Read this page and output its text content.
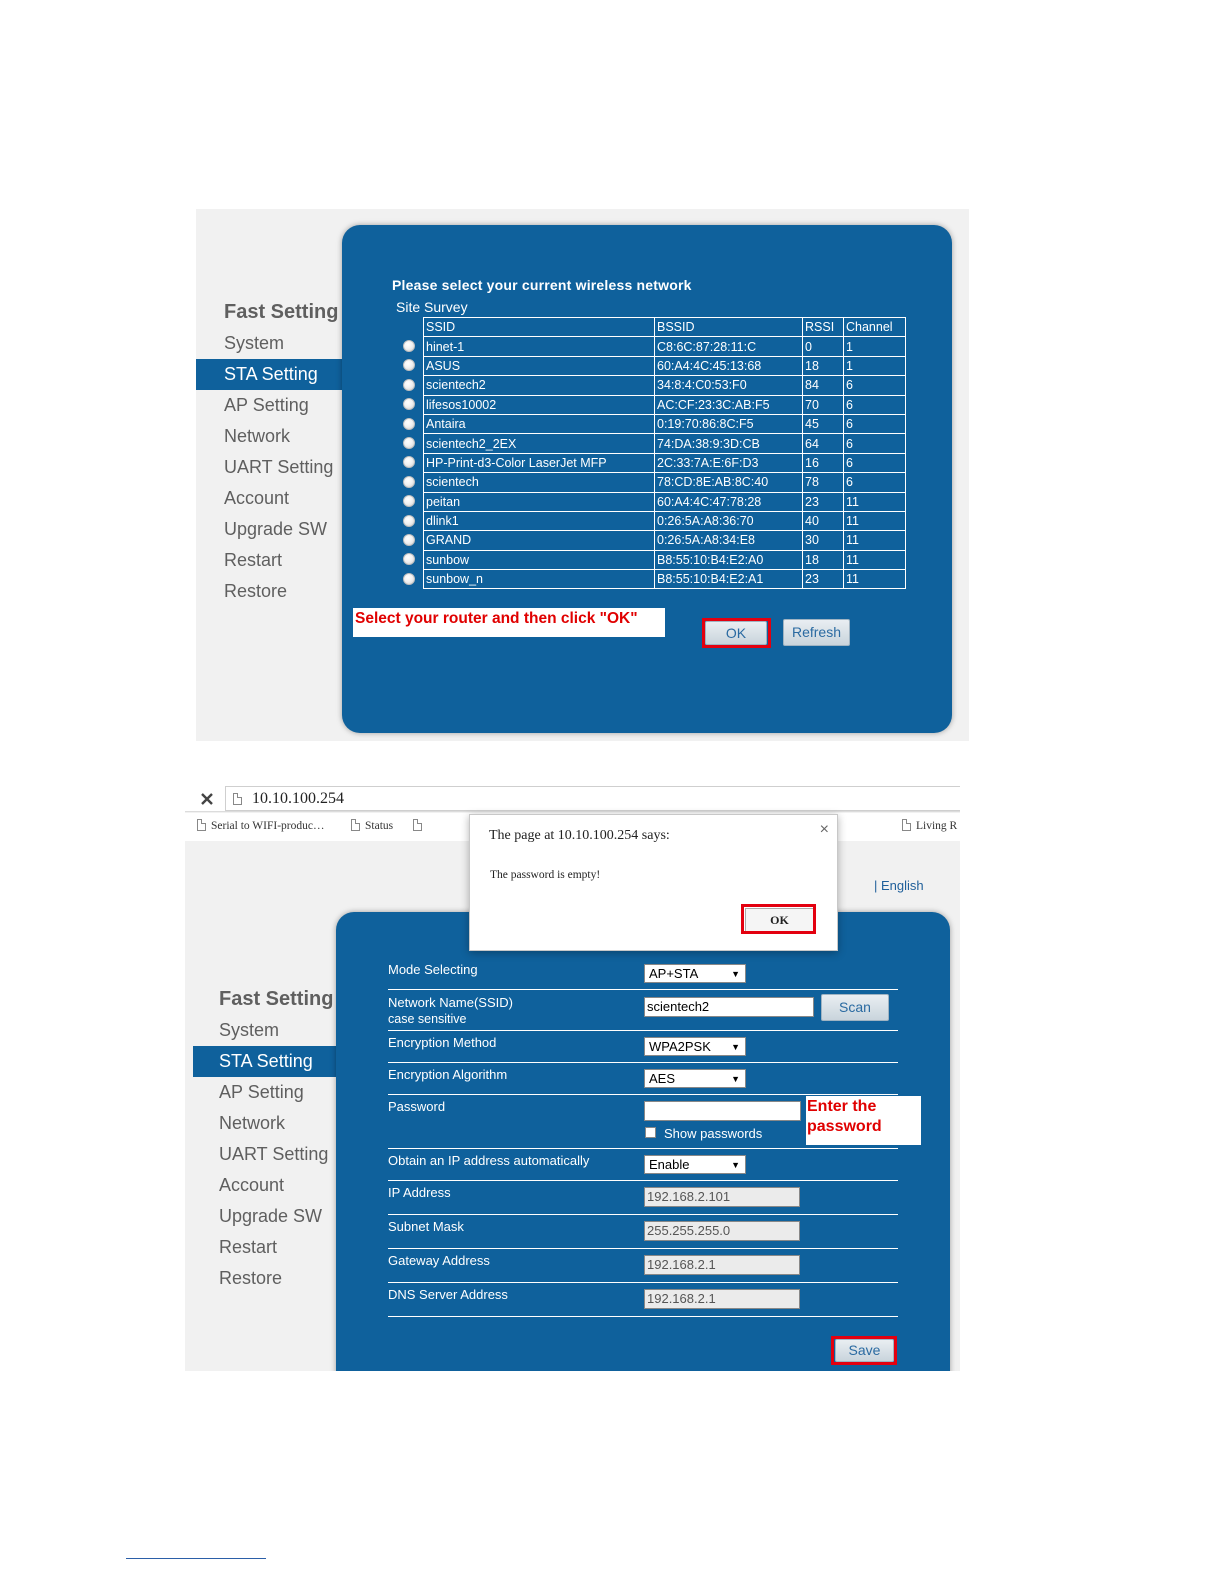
Fast Setting
System
STA Setting
AP Setting
Network
UART Setting
Account
Upgrade SW
Restart
Restore
Please select your current wireless network
Site Survey
SSID	BSSID	RSSI	Channel
hinet-1	C8:6C:87:28:11:C	0	1
ASUS	60:A4:4C:45:13:68	18	1
scientech2	34:8:4:C0:53:F0	84	6
lifesos10002	AC:CF:23:3C:AB:F5	70	6
Antaira	0:19:70:86:8C:F5	45	6
scientech2_2EX	74:DA:38:9:3D:CB	64	6
HP-Print-d3-Color LaserJet MFP	2C:33:7A:E:6F:D3	16	6
scientech	78:CD:8E:AB:8C:40	78	6
peitan	60:A4:4C:47:78:28	23	11
dlink1	0:26:5A:A8:36:70	40	11
GRAND	0:26:5A:A8:34:E8	30	11
sunbow	B8:55:10:B4:E2:A0	18	11
sunbow_n	B8:55:10:B4:E2:A1	23	11
Select your router and then click "OK"
OK	Refresh
10.10.100.254
Serial to WIFI-produc…	Status	Living R
| English
Fast Setting
System
STA Setting
AP Setting
Network
UART Setting
Account
Upgrade SW
Restart
Restore
Mode Selecting	AP+STA	▼
Network Name(SSID)
case sensitive
scientech2	Scan
Encryption Method	WPA2PSK ▼
Encryption Algorithm	AES	▼
Password
Show passwords
Enter the password
Obtain an IP address automatically	Enable	▼
IP Address	192.168.2.101
Subnet Mask	255.255.255.0
Gateway Address	192.168.2.1
DNS Server Address	192.168.2.1
Save
The page at 10.10.100.254 says:	×
The password is empty!
OK
